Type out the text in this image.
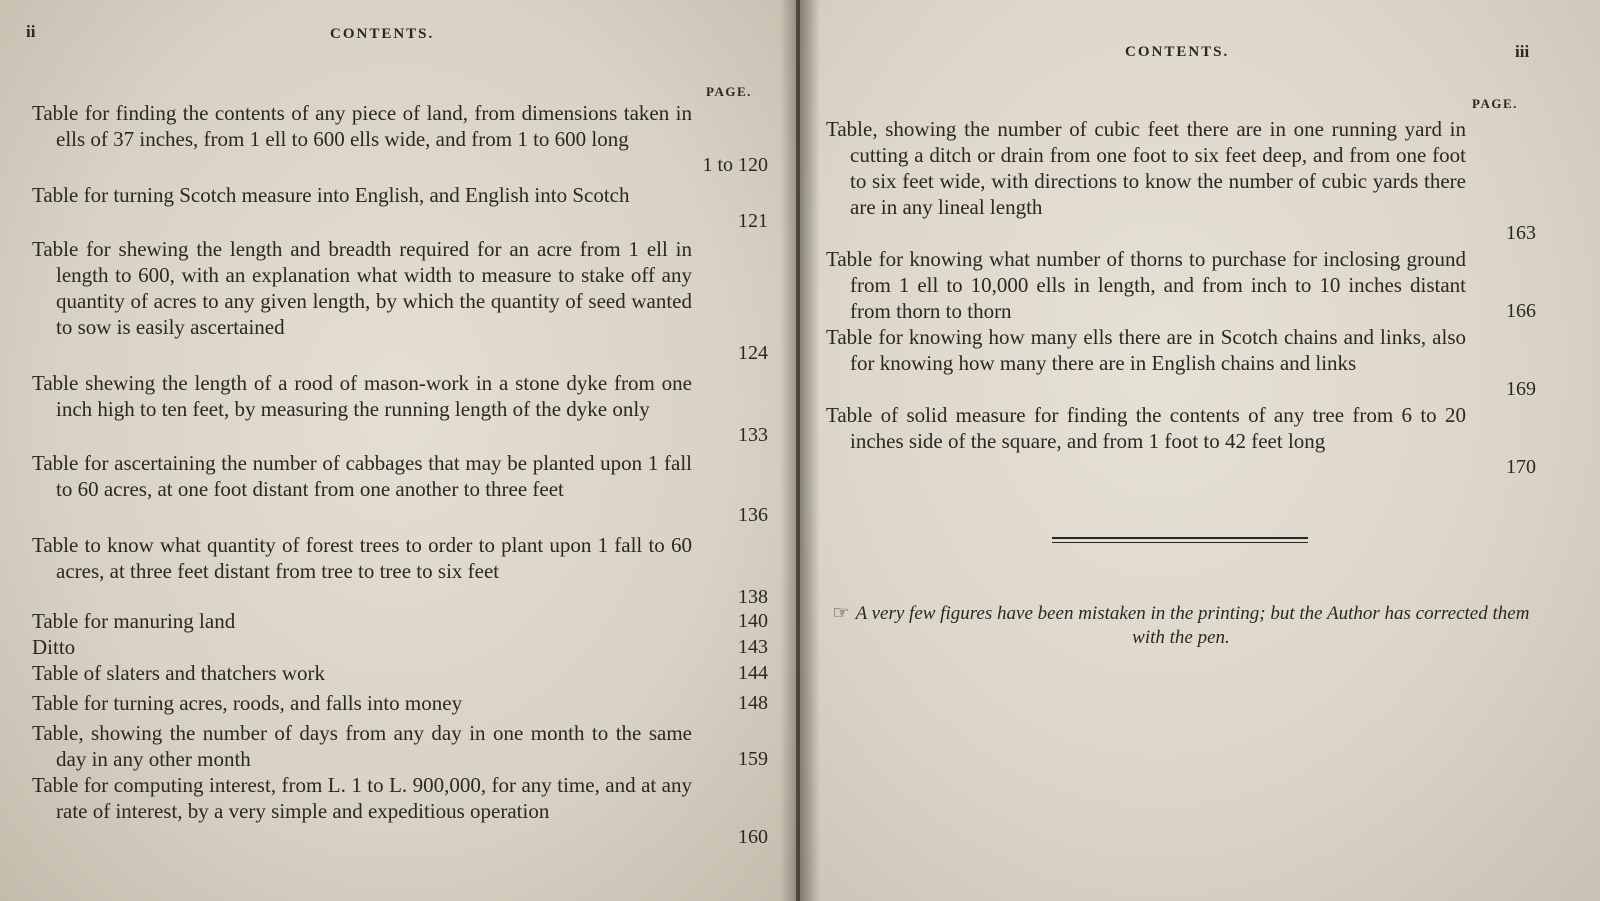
ii	CONTENTS.
PAGE.
Table for finding the contents of any piece of land, from dimensions taken in ells of 37 inches, from 1 ell to 600 ells wide, and from 1 to 600 long
1 to 120
Table for turning Scotch measure into English, and English into Scotch
121
Table for shewing the length and breadth required for an acre from 1 ell in length to 600, with an explanation what width to measure to stake off any quantity of acres to any given length, by which the quantity of seed wanted to sow is easily ascertained
124
Table shewing the length of a rood of mason-work in a stone dyke from one inch high to ten feet, by measuring the running length of the dyke only
133
Table for ascertaining the number of cabbages that may be planted upon 1 fall to 60 acres, at one foot distant from one another to three feet
136
Table to know what quantity of forest trees to order to plant upon 1 fall to 60 acres, at three feet distant from tree to tree to six feet
138
Table for manuring land	140
Ditto	143
Table of slaters and thatchers work	144
Table for turning acres, roods, and falls into money	148
Table, showing the number of days from any day in one month to the same day in any other month	159
Table for computing interest, from L. 1 to L. 900,000, for any time, and at any rate of interest, by a very simple and expeditious operation
160
CONTENTS.	iii
PAGE.
Table, showing the number of cubic feet there are in one running yard in cutting a ditch or drain from one foot to six feet deep, and from one foot to six feet wide, with directions to know the number of cubic yards there are in any lineal length
163
Table for knowing what number of thorns to purchase for inclosing ground from 1 ell to 10,000 ells in length, and from inch to 10 inches distant from thorn to thorn	166
Table for knowing how many ells there are in Scotch chains and links, also for knowing how many there are in English chains and links
169
Table of solid measure for finding the contents of any tree from 6 to 20 inches side of the square, and from 1 foot to 42 feet long
170
☞ A very few figures have been mistaken in the printing; but the Author has corrected them with the pen.
